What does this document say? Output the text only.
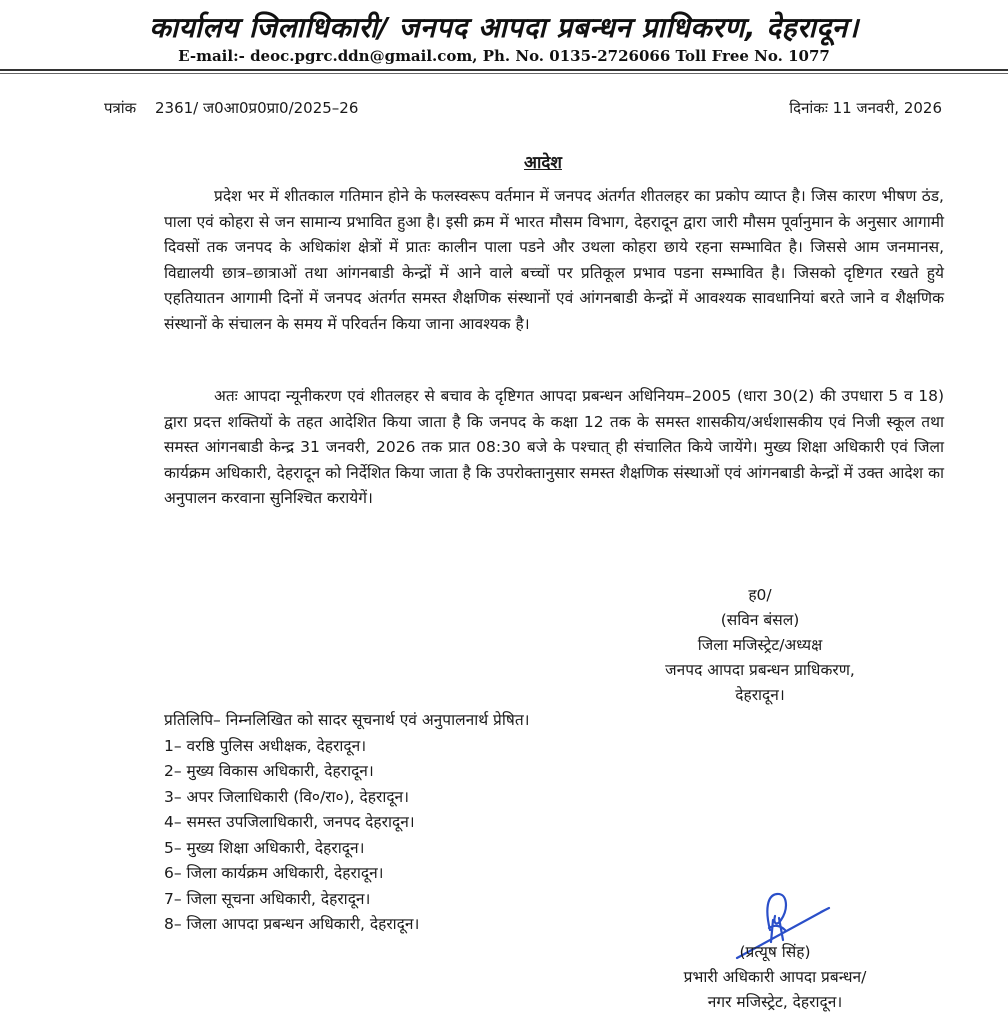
कार्यालय जिलाधिकारी/ जनपद आपदा प्रबन्धन प्राधिकरण, देहरादून।
E-mail:- deoc.pgrc.ddn@gmail.com, Ph. No. 0135-2726066 Toll Free No. 1077
पत्रांक 2361/ ज0आ0प्र0प्रा0/2025–26	दिनांकः 11 जनवरी, 2026
आदेश

प्रदेश भर में शीतकाल गतिमान होने के फलस्वरूप वर्तमान में जनपद अंतर्गत शीतलहर का प्रकोप व्याप्त है। जिस कारण भीषण ठंड, पाला एवं कोहरा से जन सामान्य प्रभावित हुआ है। इसी क्रम में भारत मौसम विभाग, देहरादून द्वारा जारी मौसम पूर्वानुमान के अनुसार आगामी दिवसों तक जनपद के अधिकांश क्षेत्रों में प्रातः कालीन पाला पडने और उथला कोहरा छाये रहना सम्भावित है। जिससे आम जनमानस, विद्यालयी छात्र–छात्राओं तथा आंगनबाडी केन्द्रों में आने वाले बच्चों पर प्रतिकूल प्रभाव पडना सम्भावित है। जिसको दृष्टिगत रखते हुये एहतियातन आगामी दिनों में जनपद अंतर्गत समस्त शैक्षणिक संस्थानों एवं आंगनबाडी केन्द्रों में आवश्यक सावधानियां बरते जाने व शैक्षणिक संस्थानों के संचालन के समय में परिवर्तन किया जाना आवश्यक है।

अतः आपदा न्यूनीकरण एवं शीतलहर से बचाव के दृष्टिगत आपदा प्रबन्धन अधिनियम–2005 (धारा 30(2) की उपधारा 5 व 18) द्वारा प्रदत्त शक्तियों के तहत आदेशित किया जाता है कि जनपद के कक्षा 12 तक के समस्त शासकीय/अर्धशासकीय एवं निजी स्कूल तथा समस्त आंगनबाडी केन्द्र 31 जनवरी, 2026 तक प्रात 08:30 बजे के पश्चात् ही संचालित किये जायेंगे। मुख्य शिक्षा अधिकारी एवं जिला कार्यक्रम अधिकारी, देहरादून को निर्देशित किया जाता है कि उपरोक्तानुसार समस्त शैक्षणिक संस्थाओं एवं आंगनबाडी केन्द्रों में उक्त आदेश का अनुपालन करवाना सुनिश्चित करायेगें।

ह0/
(सविन बंसल)
जिला मजिस्ट्रेट/अध्यक्ष
जनपद आपदा प्रबन्धन प्राधिकरण,
देहरादून।
प्रतिलिपि– निम्नलिखित को सादर सूचनार्थ एवं अनुपालनार्थ प्रेषित।
1– वरष्ठि पुलिस अधीक्षक, देहरादून।
2– मुख्य विकास अधिकारी, देहरादून।
3– अपर जिलाधिकारी (वि०/रा०), देहरादून।
4– समस्त उपजिलाधिकारी, जनपद देहरादून।
5– मुख्य शिक्षा अधिकारी, देहरादून।
6– जिला कार्यक्रम अधिकारी, देहरादून।
7– जिला सूचना अधिकारी, देहरादून।
8– जिला आपदा प्रबन्धन अधिकारी, देहरादून।
(प्रत्यूष सिंह)
प्रभारी अधिकारी आपदा प्रबन्धन/
नगर मजिस्ट्रेट, देहरादून।
